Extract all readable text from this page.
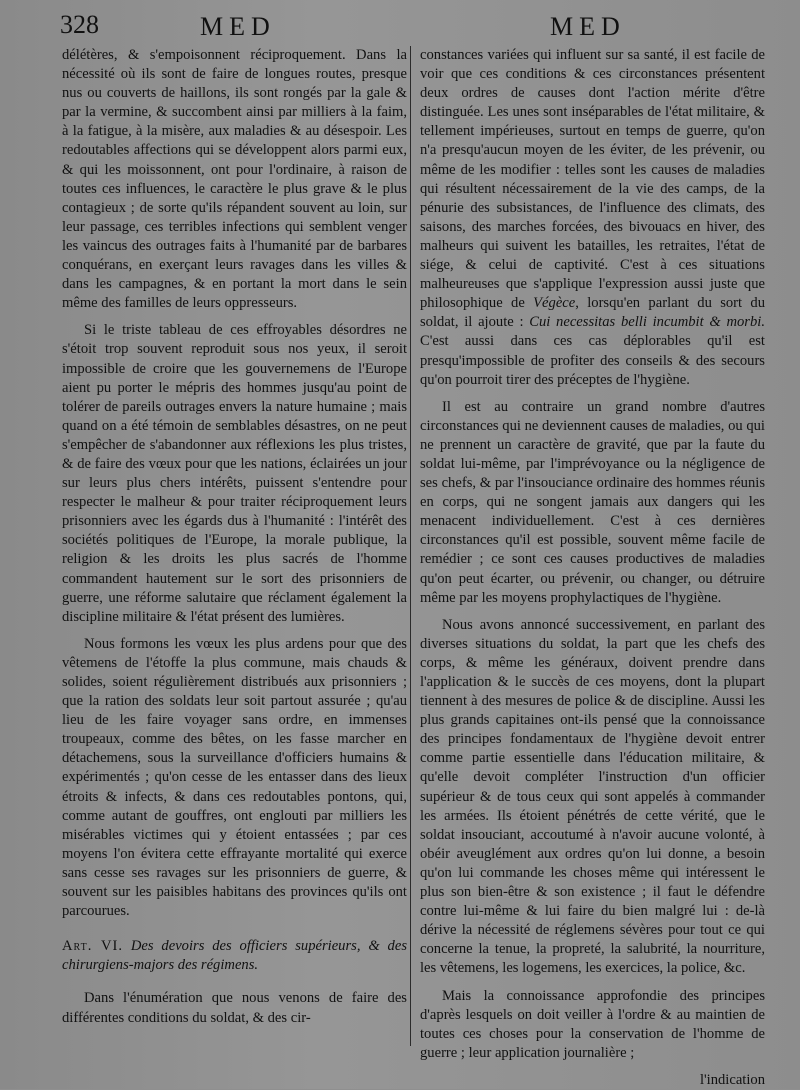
328	MED	MED

délétères, & s'empoisonnent réciproquement. Dans la nécessité où ils sont de faire de longues routes, presque nus ou couverts de haillons, ils sont rongés par la gale & par la vermine, & succombent ainsi par milliers à la faim, à la fatigue, à la misère, aux maladies & au désespoir. Les redoutables affections qui se développent alors parmi eux, & qui les moissonnent, ont pour l'ordinaire, à raison de toutes ces influences, le caractère le plus grave & le plus contagieux ; de sorte qu'ils répandent souvent au loin, sur leur passage, ces terribles infections qui semblent venger les vaincus des outrages faits à l'humanité par de barbares conquérans, en exerçant leurs ravages dans les villes & dans les campagnes, & en portant la mort dans le sein même des familles de leurs oppresseurs.

Si le triste tableau de ces effroyables désordres ne s'étoit trop souvent reproduit sous nos yeux, il seroit impossible de croire que les gouvernemens de l'Europe aient pu porter le mépris des hommes jusqu'au point de tolérer de pareils outrages envers la nature humaine ; mais quand on a été témoin de semblables désastres, on ne peut s'empêcher de s'abandonner aux réflexions les plus tristes, & de faire des vœux pour que les nations, éclairées un jour sur leurs plus chers intérêts, puissent s'entendre pour respecter le malheur & pour traiter réciproquement leurs prisonniers avec les égards dus à l'humanité : l'intérêt des sociétés politiques de l'Europe, la morale publique, la religion & les droits les plus sacrés de l'homme commandent hautement sur le sort des prisonniers de guerre, une réforme salutaire que réclament également la discipline militaire & l'état présent des lumières.

Nous formons les vœux les plus ardens pour que des vêtemens de l'étoffe la plus commune, mais chauds & solides, soient régulièrement distribués aux prisonniers ; que la ration des soldats leur soit partout assurée ; qu'au lieu de les faire voyager sans ordre, en immenses troupeaux, comme des bêtes, on les fasse marcher en détachemens, sous la surveillance d'officiers humains & expérimentés ; qu'on cesse de les entasser dans des lieux étroits & infects, & dans ces redoutables pontons, qui, comme autant de gouffres, ont englouti par milliers les misérables victimes qui y étoient entassées ; par ces moyens l'on évitera cette effrayante mortalité qui exerce sans cesse ses ravages sur les prisonniers de guerre, & souvent sur les paisibles habitans des provinces qu'ils ont parcourues.

Art. VI. Des devoirs des officiers supérieurs, & des chirurgiens-majors des régimens.

Dans l'énumération que nous venons de faire des différentes conditions du soldat, & des cir-

constances variées qui influent sur sa santé, il est facile de voir que ces conditions & ces circonstances présentent deux ordres de causes dont l'action mérite d'être distinguée. Les unes sont inséparables de l'état militaire, & tellement impérieuses, surtout en temps de guerre, qu'on n'a presqu'aucun moyen de les éviter, de les prévenir, ou même de les modifier : telles sont les causes de maladies qui résultent nécessairement de la vie des camps, de la pénurie des subsistances, de l'influence des climats, des saisons, des marches forcées, des bivouacs en hiver, des malheurs qui suivent les batailles, les retraites, l'état de siége, & celui de captivité. C'est à ces situations malheureuses que s'applique l'expression aussi juste que philosophique de Végèce, lorsqu'en parlant du sort du soldat, il ajoute : Cui necessitas belli incumbit & morbi. C'est aussi dans ces cas déplorables qu'il est presqu'impossible de profiter des conseils & des secours qu'on pourroit tirer des préceptes de l'hygiène.

Il est au contraire un grand nombre d'autres circonstances qui ne deviennent causes de maladies, ou qui ne prennent un caractère de gravité, que par la faute du soldat lui-même, par l'imprévoyance ou la négligence de ses chefs, & par l'insouciance ordinaire des hommes réunis en corps, qui ne songent jamais aux dangers qui les menacent individuellement. C'est à ces dernières circonstances qu'il est possible, souvent même facile de remédier ; ce sont ces causes productives de maladies qu'on peut écarter, ou prévenir, ou changer, ou détruire même par les moyens prophylactiques de l'hygiène.

Nous avons annoncé successivement, en parlant des diverses situations du soldat, la part que les chefs des corps, & même les généraux, doivent prendre dans l'application & le succès de ces moyens, dont la plupart tiennent à des mesures de police & de discipline. Aussi les plus grands capitaines ont-ils pensé que la connoissance des principes fondamentaux de l'hygiène devoit entrer comme partie essentielle dans l'éducation militaire, & qu'elle devoit compléter l'instruction d'un officier supérieur & de tous ceux qui sont appelés à commander les armées. Ils étoient pénétrés de cette vérité, que le soldat insouciant, accoutumé à n'avoir aucune volonté, à obéir aveuglément aux ordres qu'on lui donne, a besoin qu'on lui commande les choses même qui intéressent le plus son bien-être & son existence ; il faut le défendre contre lui-même & lui faire du bien malgré lui : de-là dérive la nécessité de réglemens sévères pour tout ce qui concerne la tenue, la propreté, la salubrité, la nourriture, les vêtemens, les logemens, les exercices, la police, &c.

Mais la connoissance approfondie des principes d'après lesquels on doit veiller à l'ordre & au maintien de toutes ces choses pour la conservation de l'homme de guerre ; leur application journalière ;

l'indication
